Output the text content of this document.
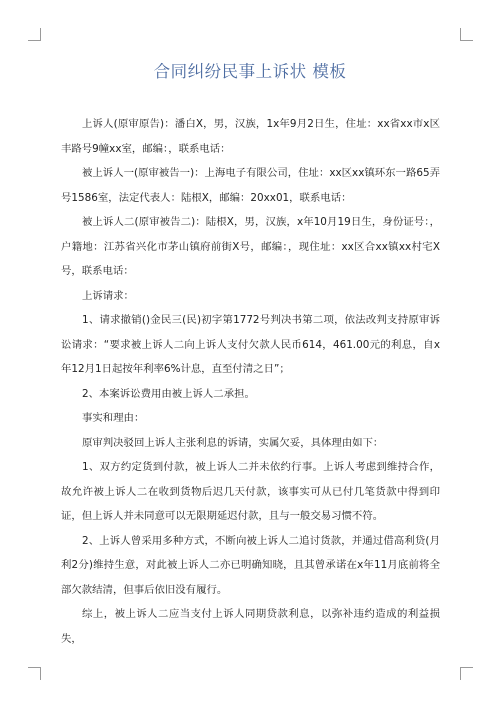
合同纠纷民事上诉状 模板

上诉人(原审原告)：潘白X，男，汉族，1x年9月2日生，住址：xx省xx市x区丰路号9幢xx室，邮编：，联系电话：

被上诉人一(原审被告一)：上海电子有限公司，住址：xx区xx镇环东一路65弄号1586室，法定代表人：陆根X，邮编：20xx01，联系电话：

被上诉人二(原审被告二)：陆根X，男，汉族，x年10月19日生，身份证号：，户籍地：江苏省兴化市茅山镇府前街X号，邮编：，现住址：xx区合xx镇xx村宅X号，联系电话：

上诉请求：

1、请求撤销()金民三(民)初字第1772号判决书第二项，依法改判支持原审诉讼请求：“要求被上诉人二向上诉人支付欠款人民币614，461.00元的利息，自x年12月1日起按年利率6%计息，直至付清之日”；

2、本案诉讼费用由被上诉人二承担。

事实和理由：

原审判决驳回上诉人主张利息的诉请，实属欠妥，具体理由如下：

1、双方约定货到付款，被上诉人二并未依约行事。上诉人考虑到维持合作，故允许被上诉人二在收到货物后迟几天付款，该事实可从已付几笔货款中得到印证，但上诉人并未同意可以无限期延迟付款，且与一般交易习惯不符。

2、上诉人曾采用多种方式，不断向被上诉人二追讨货款，并通过借高利贷(月利2分)维持生意，对此被上诉人二亦已明确知晓，且其曾承诺在x年11月底前将全部欠款结清，但事后依旧没有履行。

综上，被上诉人二应当支付上诉人同期贷款利息，以弥补违约造成的利益损失，
